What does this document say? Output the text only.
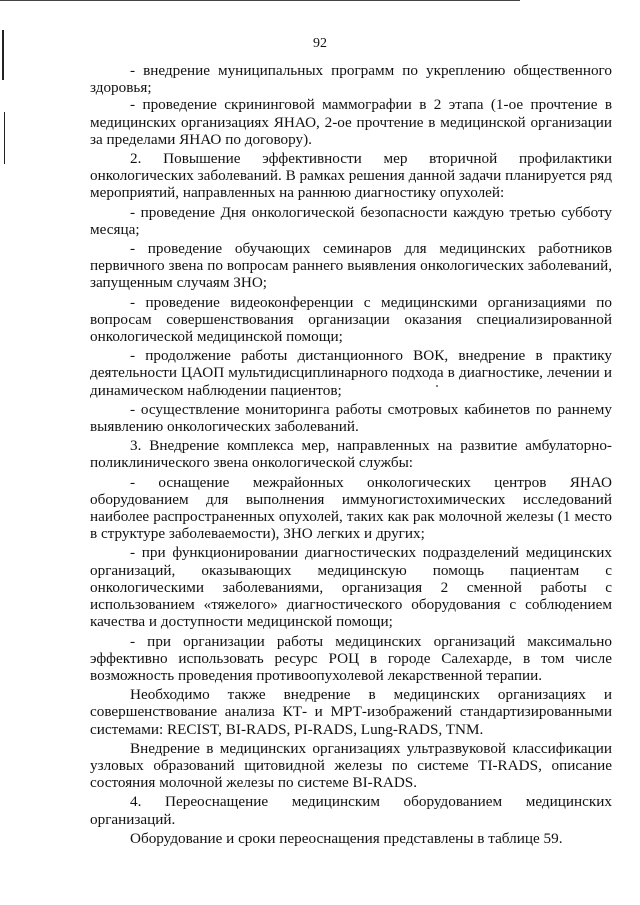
92

- внедрение муниципальных программ по укреплению общественного здоровья;

- проведение скрининговой маммографии в 2 этапа (1-ое прочтение в медицинских организациях ЯНАО, 2-ое прочтение в медицинской организации за пределами ЯНАО по договору).

2. Повышение эффективности мер вторичной профилактики онкологических заболеваний. В рамках решения данной задачи планируется ряд мероприятий, направленных на раннюю диагностику опухолей:

- проведение Дня онкологической безопасности каждую третью субботу месяца;

- проведение обучающих семинаров для медицинских работников первичного звена по вопросам раннего выявления онкологических заболеваний, запущенным случаям ЗНО;

- проведение видеоконференции с медицинскими организациями по вопросам совершенствования организации оказания специализированной онкологической медицинской помощи;

- продолжение работы дистанционного ВОК, внедрение в практику деятельности ЦАОП мультидисциплинарного подхода в диагностике, лечении и динамическом наблюдении пациентов;

- осуществление мониторинга работы смотровых кабинетов по раннему выявлению онкологических заболеваний.

3. Внедрение комплекса мер, направленных на развитие амбулаторно-поликлинического звена онкологической службы:

- оснащение межрайонных онкологических центров ЯНАО оборудованием для выполнения иммуногистохимических исследований наиболее распространенных опухолей, таких как рак молочной железы (1 место в структуре заболеваемости), ЗНО легких и других;

- при функционировании диагностических подразделений медицинских организаций, оказывающих медицинскую помощь пациентам с онкологическими заболеваниями, организация 2 сменной работы с использованием «тяжелого» диагностического оборудования с соблюдением качества и доступности медицинской помощи;

- при организации работы медицинских организаций максимально эффективно использовать ресурс РОЦ в городе Салехарде, в том числе возможность проведения противоопухолевой лекарственной терапии.

Необходимо также внедрение в медицинских организациях и совершенствование анализа КТ- и МРТ-изображений стандартизированными системами: RECIST, BI-RADS, PI-RADS, Lung-RADS, TNM.

Внедрение в медицинских организациях ультразвуковой классификации узловых образований щитовидной железы по системе TI-RADS, описание состояния молочной железы по системе BI-RADS.

4. Переоснащение медицинским оборудованием медицинских организаций.

Оборудование и сроки переоснащения представлены в таблице 59.
